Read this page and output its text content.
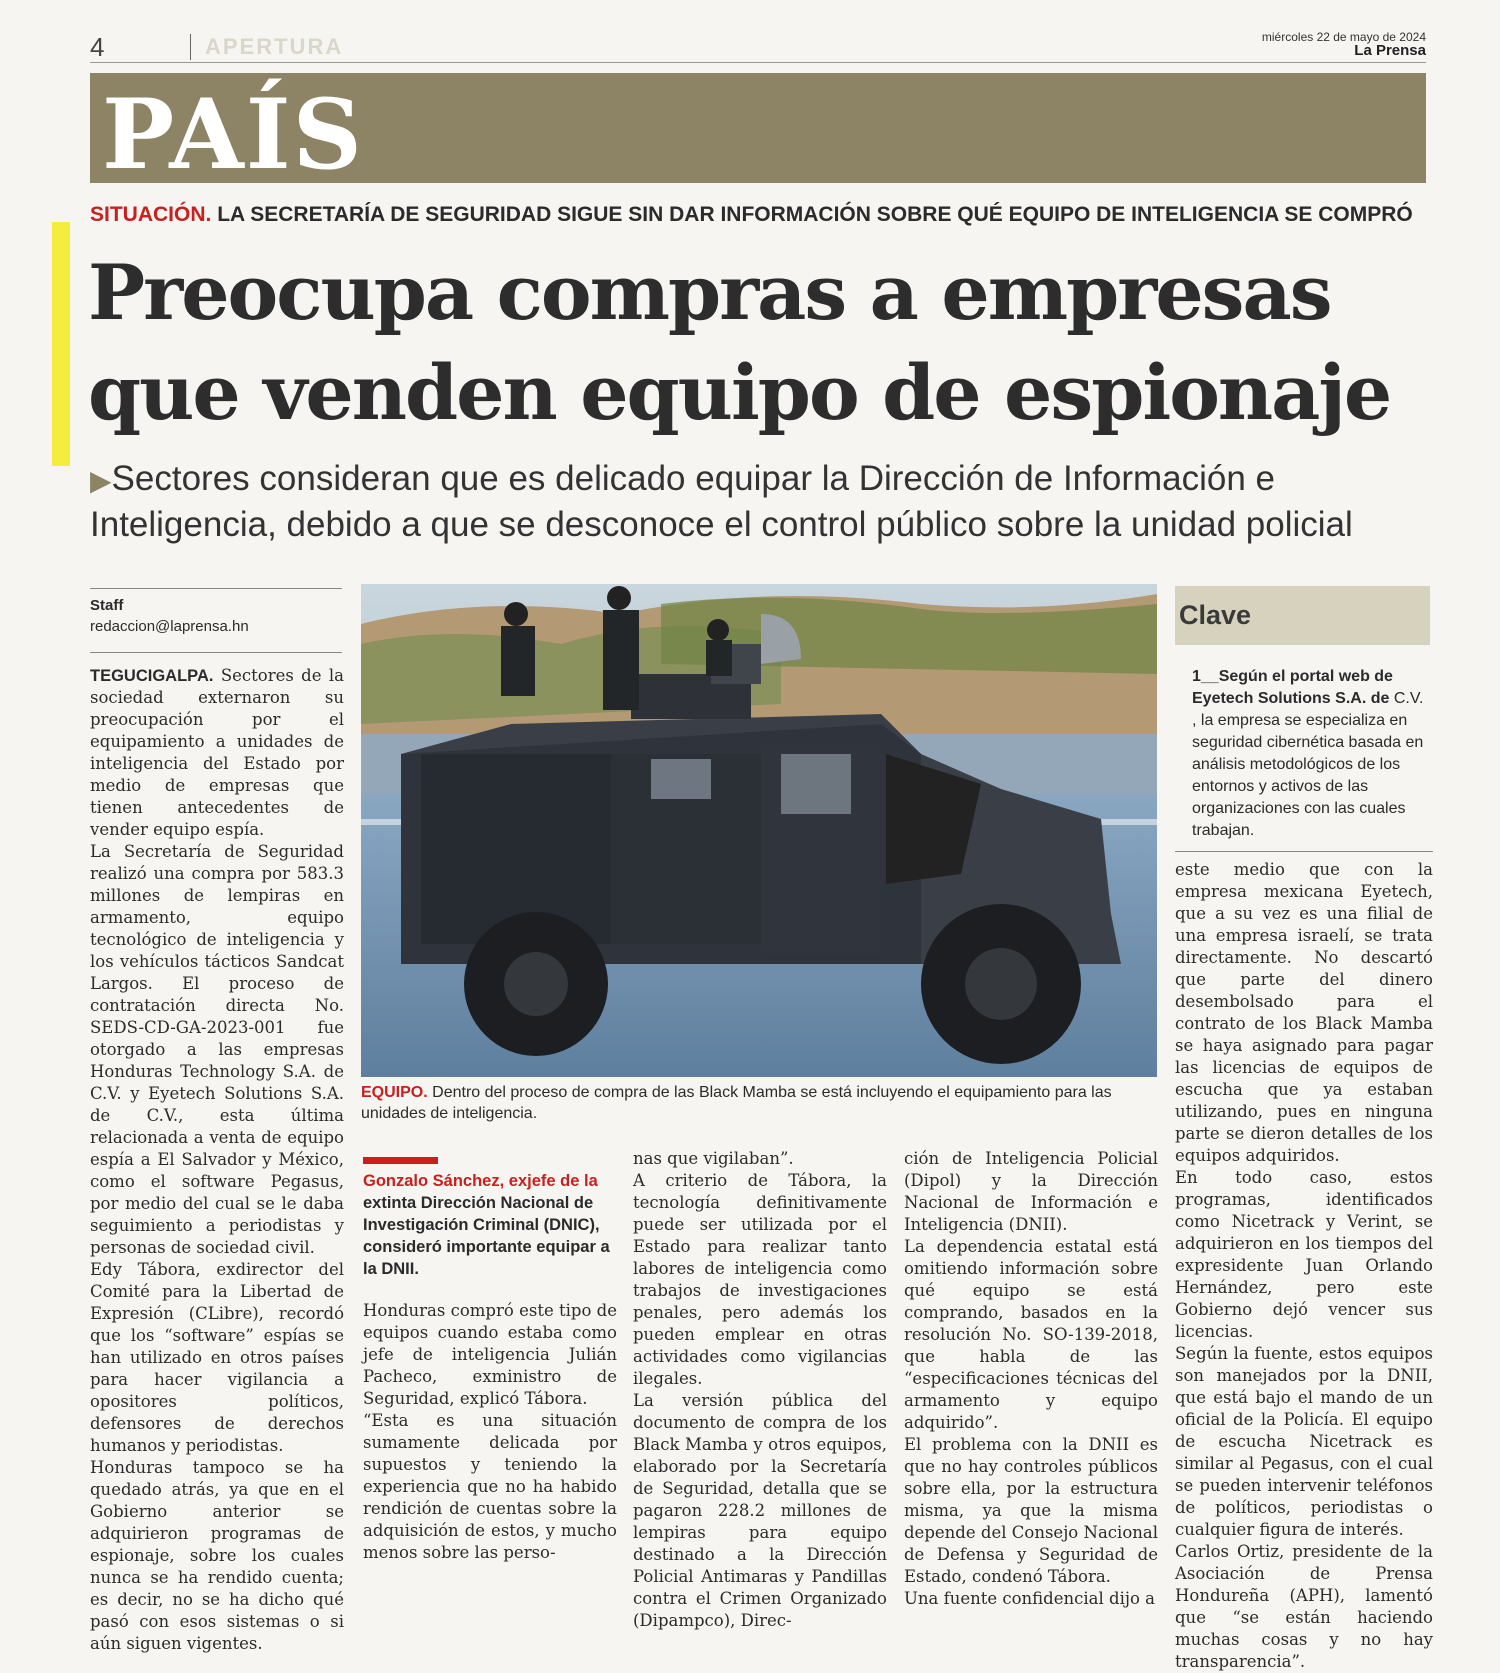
4	APERTURA	miércoles 22 de mayo de 2024
La Prensa
PAÍS
SITUACIÓN. LA SECRETARÍA DE SEGURIDAD SIGUE SIN DAR INFORMACIÓN SOBRE QUÉ EQUIPO DE INTELIGENCIA SE COMPRÓ
Preocupa compras a empresas
que venden equipo de espionaje
▶Sectores consideran que es delicado equipar la Dirección de Información e Inteligencia, debido a que se desconoce el control público sobre la unidad policial
Staff
redaccion@laprensa.hn

TEGUCIGALPA. Sectores de la sociedad externaron su preocupación por el equipamiento a unidades de inteligencia del Estado por medio de empresas que tienen antecedentes de vender equipo espía.

La Secretaría de Seguridad realizó una compra por 583.3 millones de lempiras en armamento, equipo tecnológico de inteligencia y los vehículos tácticos Sandcat Largos. El proceso de contratación directa No. SEDS-CD-GA-2023-001 fue otorgado a las empresas Honduras Technology S.A. de C.V. y Eyetech Solutions S.A. de C.V., esta última relacionada a venta de equipo espía a El Salvador y México, como el software Pegasus, por medio del cual se le daba seguimiento a periodistas y personas de sociedad civil.

Edy Tábora, exdirector del Comité para la Libertad de Expresión (CLibre), recordó que los “software” espías se han utilizado en otros países para hacer vigilancia a opositores políticos, defensores de derechos humanos y periodistas.

Honduras tampoco se ha quedado atrás, ya que en el Gobierno anterior se adquirieron programas de espionaje, sobre los cuales nunca se ha rendido cuenta; es decir, no se ha dicho qué pasó con esos sistemas o si aún siguen vigentes.

EQUIPO. Dentro del proceso de compra de las Black Mamba se está incluyendo el equipamiento para las unidades de inteligencia.
Gonzalo Sánchez, exjefe de la extinta Dirección Nacional de Investigación Criminal (DNIC), consideró importante equipar a la DNII.

Honduras compró este tipo de equipos cuando estaba como jefe de inteligencia Julián Pacheco, exministro de Seguridad, explicó Tábora.

“Esta es una situación sumamente delicada por supuestos y teniendo la experiencia que no ha habido rendición de cuentas sobre la adquisición de estos, y mucho menos sobre las perso-

nas que vigilaban”.

A criterio de Tábora, la tecnología definitivamente puede ser utilizada por el Estado para realizar tanto labores de inteligencia como trabajos de investigaciones penales, pero además los pueden emplear en otras actividades como vigilancias ilegales.

La versión pública del documento de compra de los Black Mamba y otros equipos, elaborado por la Secretaría de Seguridad, detalla que se pagaron 228.2 millones de lempiras para equipo destinado a la Dirección Policial Antimaras y Pandillas contra el Crimen Organizado (Dipampco), Direc-

ción de Inteligencia Policial (Dipol) y la Dirección Nacional de Información e Inteligencia (DNII).

La dependencia estatal está omitiendo información sobre qué equipo se está comprando, basados en la resolución No. SO-139-2018, que habla de las “especificaciones técnicas del armamento y equipo adquirido”.

El problema con la DNII es que no hay controles públicos sobre ella, por la estructura misma, ya que la misma depende del Consejo Nacional de Defensa y Seguridad de Estado, condenó Tábora.

Una fuente confidencial dijo a

Clave
1__Según el portal web de Eyetech Solutions S.A. de C.V. , la empresa se especializa en seguridad cibernética basada en análisis metodológicos de los entornos y activos de las organizaciones con las cuales trabajan.

este medio que con la empresa mexicana Eyetech, que a su vez es una filial de una empresa israelí, se trata directamente. No descartó que parte del dinero desembolsado para el contrato de los Black Mamba se haya asignado para pagar las licencias de equipos de escucha que ya estaban utilizando, pues en ninguna parte se dieron detalles de los equipos adquiridos.

En todo caso, estos programas, identificados como Nicetrack y Verint, se adquirieron en los tiempos del expresidente Juan Orlando Hernández, pero este Gobierno dejó vencer sus licencias.

Según la fuente, estos equipos son manejados por la DNII, que está bajo el mando de un oficial de la Policía. El equipo de escucha Nicetrack es similar al Pegasus, con el cual se pueden intervenir teléfonos de políticos, periodistas o cualquier figura de interés.

Carlos Ortiz, presidente de la Asociación de Prensa Hondureña (APH), lamentó que “se están haciendo muchas cosas y no hay transparencia”.
